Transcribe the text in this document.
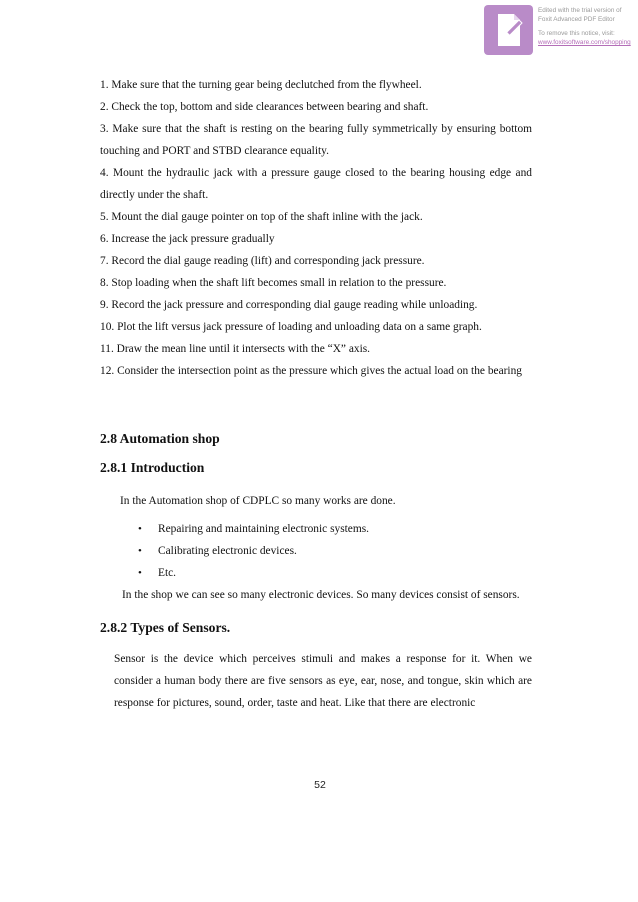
Edited with the trial version of
Foxit Advanced PDF Editor
To remove this notice, visit:
www.foxitsoftware.com/shopping

1. Make sure that the turning gear being declutched from the flywheel.

2. Check the top, bottom and side clearances between bearing and shaft.

3. Make sure that the shaft is resting on the bearing fully symmetrically by ensuring bottom touching and PORT and STBD clearance equality.

4. Mount the hydraulic jack with a pressure gauge closed to the bearing housing edge and directly under the shaft.

5. Mount the dial gauge pointer on top of the shaft inline with the jack.

6. Increase the jack pressure gradually

7. Record the dial gauge reading (lift) and corresponding jack pressure.

8. Stop loading when the shaft lift becomes small in relation to the pressure.

9. Record the jack pressure and corresponding dial gauge reading while unloading.

10. Plot the lift versus jack pressure of loading and unloading data on a same graph.

11. Draw the mean line until it intersects with the “X” axis.

12. Consider the intersection point as the pressure which gives the actual load on the bearing

2.8 Automation shop
2.8.1 Introduction

In the Automation shop of CDPLC so many works are done.

• Repairing and maintaining electronic systems.
• Calibrating electronic devices.
• Etc.

In the shop we can see so many electronic devices. So many devices consist of sensors.

2.8.2 Types of Sensors.

Sensor is the device which perceives stimuli and makes a response for it. When we consider a human body there are five sensors as eye, ear, nose, and tongue, skin which are response for pictures, sound, order, taste and heat. Like that there are electronic

52
